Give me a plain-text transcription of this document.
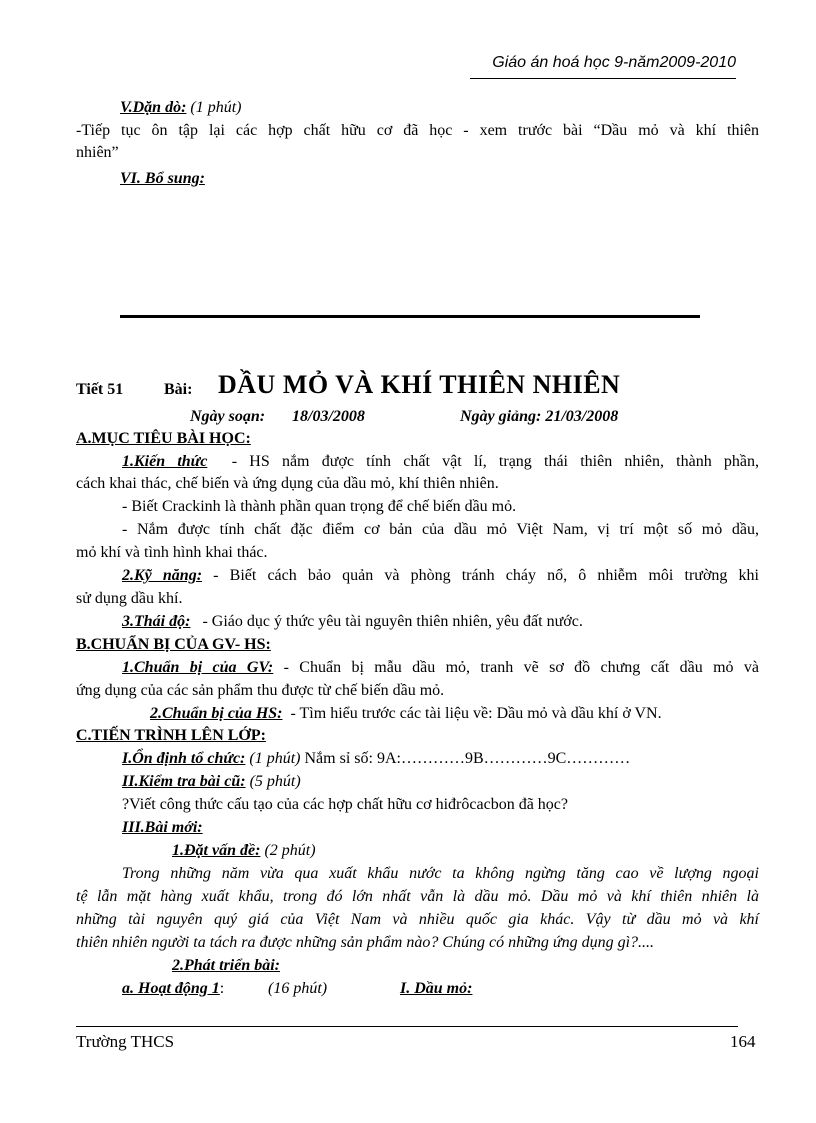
Giáo án hoá học 9-năm2009-2010
V.Dặn dò: (1 phút)
-Tiếp tục ôn tập lại các hợp chất hữu cơ đã học - xem trước bài “Dầu mỏ và khí thiên
nhiên”
VI. Bổ sung:
Tiết 51	Bài: DẦU MỎ VÀ KHÍ THIÊN NHIÊN
Ngày soạn: 18/03/2008	Ngày giảng: 21/03/2008
A.MỤC TIÊU BÀI HỌC:
1.Kiến thức  - HS nắm được tính chất vật lí, trạng thái thiên nhiên, thành phần,
cách khai thác, chế biến và ứng dụng của dầu mỏ, khí thiên nhiên.
- Biết Crackinh là thành phần quan trọng để chế biến dầu mỏ.
- Nắm được tính chất đặc điểm cơ bản của dầu mỏ Việt Nam, vị trí một số mỏ dầu,
mỏ khí và tình hình khai thác.
2.Kỹ năng: - Biết cách bảo quản và phòng tránh cháy nổ, ô nhiễm môi trường khi
sử dụng dầu khí.
3.Thái độ:   - Giáo dục ý thức yêu tài nguyên thiên nhiên, yêu đất nước.
B.CHUẨN BỊ CỦA GV- HS:
1.Chuẩn bị của GV: - Chuẩn bị mẫu dầu mỏ, tranh vẽ sơ đồ chưng cất dầu mỏ và
ứng dụng của các sản phẩm thu được từ chế biến dầu mỏ.
2.Chuẩn bị của HS:  - Tìm hiểu trước các tài liệu về: Dầu mỏ và dầu khí ở VN.
C.TIẾN TRÌNH LÊN LỚP:
I.Ổn định tổ chức: (1 phút) Nắm sỉ số: 9A:…………9B…………9C…………
II.Kiểm tra bài cũ: (5 phút)
?Viết công thức cấu tạo của các hợp chất hữu cơ hiđrôcacbon đã học?
III.Bài mới:
1.Đặt vấn đề: (2 phút)
Trong những năm vừa qua xuất khẩu nước ta không ngừng tăng cao về lượng ngoại
tệ lẫn mặt hàng xuất khẩu, trong đó lớn nhất vẫn là dầu mỏ. Dầu mỏ và khí thiên nhiên là
những tài nguyên quý giá của Việt Nam và nhiều quốc gia khác. Vậy từ dầu mỏ và khí
thiên nhiên người ta tách ra được những sản phẩm nào? Chúng có những ứng dụng gì?....
2.Phát triển bài:
a. Hoạt động 1:	(16 phút)	I. Dầu mỏ:
Trường THCS	164
